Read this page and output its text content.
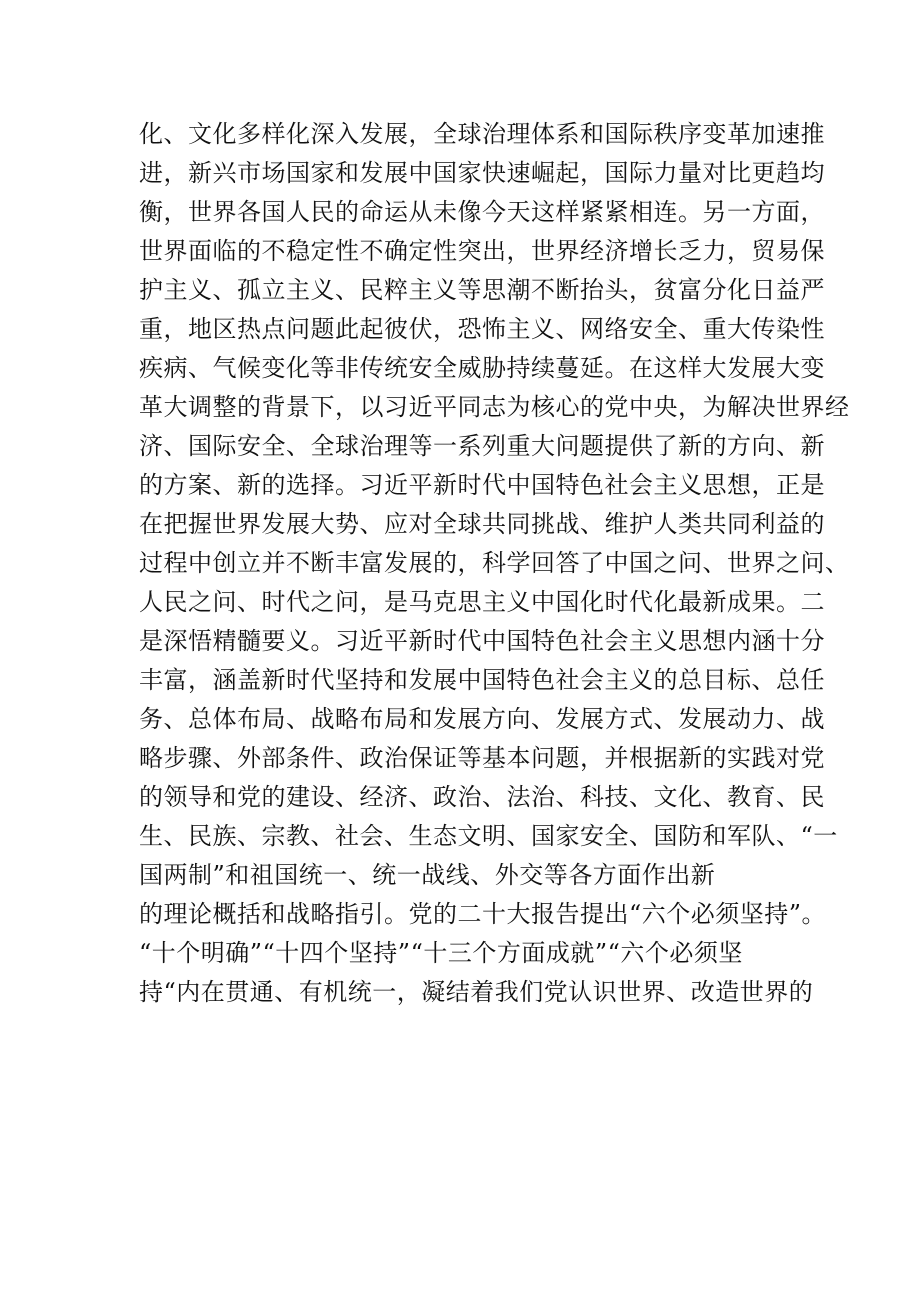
化、文化多样化深入发展，全球治理体系和国际秩序变革加速推
进，新兴市场国家和发展中国家快速崛起，国际力量对比更趋均
衡，世界各国人民的命运从未像今天这样紧紧相连。另一方面，
世界面临的不稳定性不确定性突出，世界经济增长乏力，贸易保
护主义、孤立主义、民粹主义等思潮不断抬头，贫富分化日益严
重，地区热点问题此起彼伏，恐怖主义、网络安全、重大传染性
疾病、气候变化等非传统安全威胁持续蔓延。在这样大发展大变
革大调整的背景下，以习近平同志为核心的党中央，为解决世界经
济、国际安全、全球治理等一系列重大问题提供了新的方向、新
的方案、新的选择。习近平新时代中国特色社会主义思想，正是
在把握世界发展大势、应对全球共同挑战、维护人类共同利益的
过程中创立并不断丰富发展的，科学回答了中国之问、世界之问、
人民之问、时代之问，是马克思主义中国化时代化最新成果。二
是深悟精髓要义。习近平新时代中国特色社会主义思想内涵十分
丰富，涵盖新时代坚持和发展中国特色社会主义的总目标、总任
务、总体布局、战略布局和发展方向、发展方式、发展动力、战
略步骤、外部条件、政治保证等基本问题，并根据新的实践对党
的领导和党的建设、经济、政治、法治、科技、文化、教育、民
生、民族、宗教、社会、生态文明、国家安全、国防和军队、“一
国两制”和祖国统一、统一战线、外交等各方面作出新
的理论概括和战略指引。党的二十大报告提出“六个必须坚持”。
“十个明确”“十四个坚持”“十三个方面成就”“六个必须坚
持“内在贯通、有机统一，凝结着我们党认识世界、改造世界的
